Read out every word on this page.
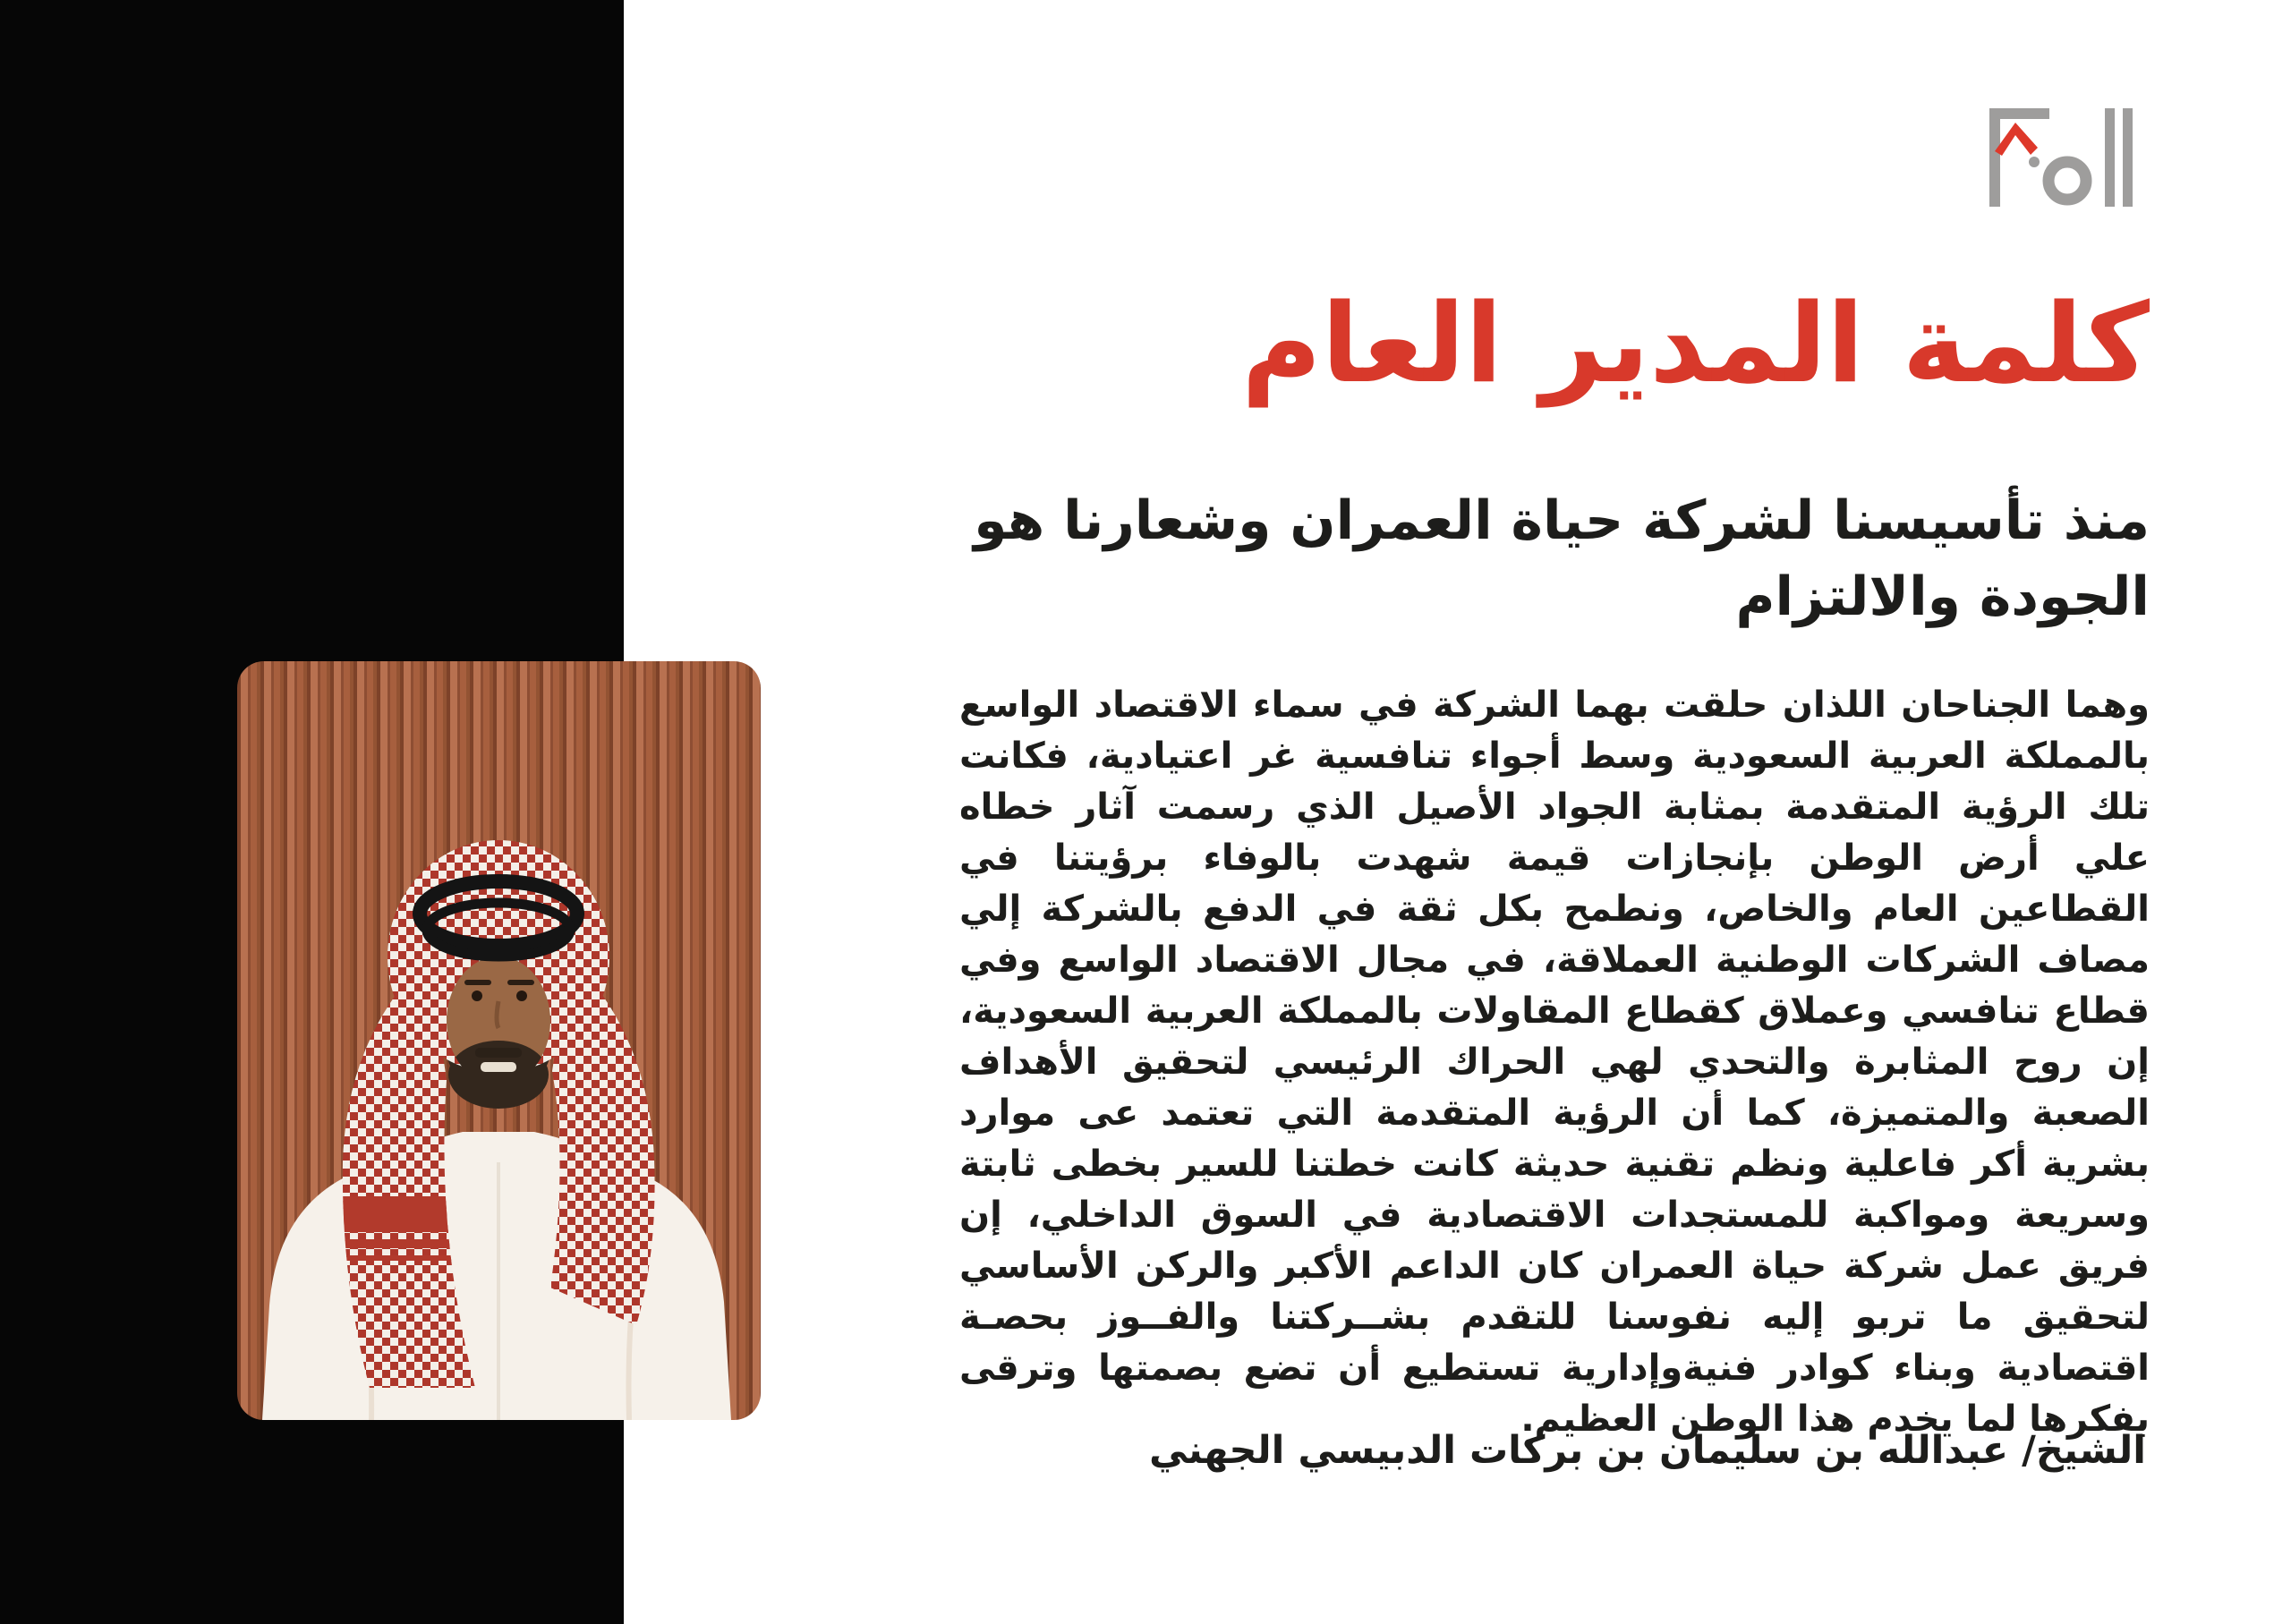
كلمة المدير العام
منذ تأسيسنا لشركة حياة العمران وشعارنا هو الجودة والالتزام

وهما الجناحان اللذان حلقت بهما الشركة في سماء الاقتصاد الواسع بالمملكة العربية السعودية وسط أجواء تنافسية غر اعتيادية، فكانت تلك الرؤية المتقدمة بمثابة الجواد الأصيل الذي رسمت آثار خطاه علي أرض الوطن بإنجازات قيمة شهدت بالوفاء برؤيتنا في القطاعين العام والخاص، ونطمح بكل ثقة في الدفع بالشركة إلي مصاف الشركات الوطنية العملاقة، في مجال الاقتصاد الواسع وفي قطاع تنافسي وعملاق كقطاع المقاولات بالمملكة العربية السعودية، إن روح المثابرة والتحدي لهي الحراك الرئيسي لتحقيق الأهداف الصعبة والمتميزة، كما أن الرؤية المتقدمة التي تعتمد عى موارد بشرية أكر فاعلية ونظم تقنية حديثة كانت خطتنا للسير بخطى ثابتة وسريعة ومواكبة للمستجدات الاقتصادية في السوق الداخلي، إن فريق عمل شركة حياة العمران كان الداعم الأكبر والركن الأساسي لتحقيق ما تربو إليه نفوسنا للتقدم بشــركتنا والفــوز بحصـة اقتصادية وبناء كوادر فنيةوإدارية تستطيع أن تضع بصمتها وترقى بفكرها لما يخدم هذا الوطن العظيم.

الشيخ/ عبدالله بن سليمان بن بركات الدبيسي الجهني
